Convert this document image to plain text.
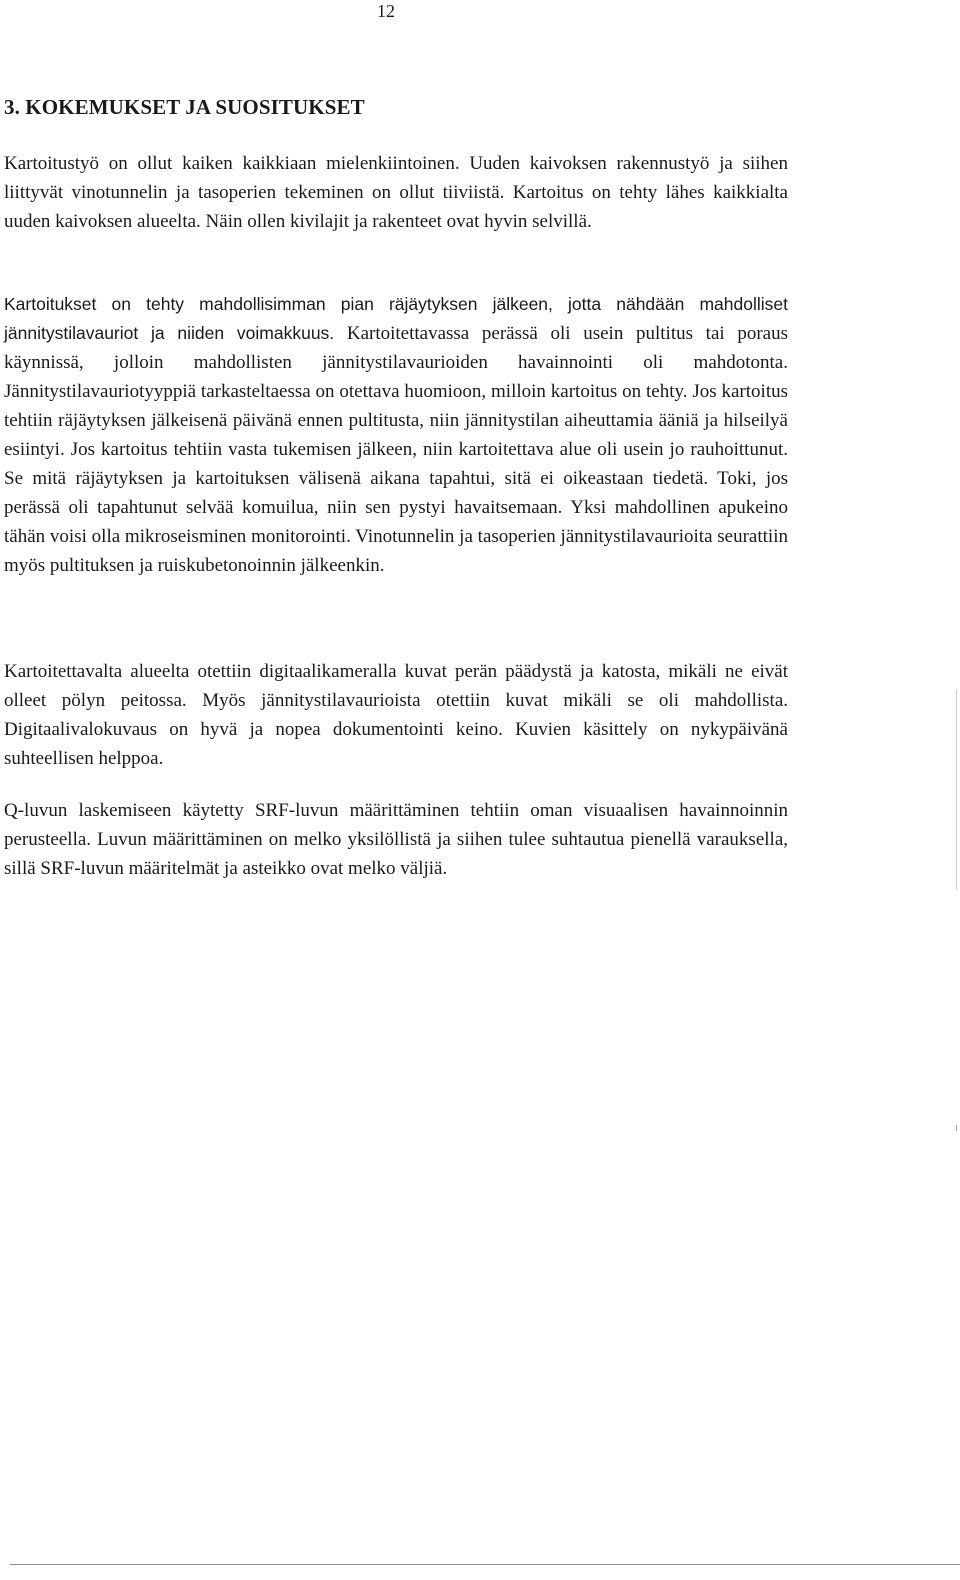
12
3. KOKEMUKSET JA SUOSITUKSET

Kartoitustyö on ollut kaiken kaikkiaan mielenkiintoinen. Uuden kaivoksen rakennustyö ja siihen liittyvät vinotunnelin ja tasoperien tekeminen on ollut tiiviistä. Kartoitus on tehty lähes kaikkialta uuden kaivoksen alueelta. Näin ollen kivilajit ja rakenteet ovat hyvin selvillä.

Kartoitukset on tehty mahdollisimman pian räjäytyksen jälkeen, jotta nähdään mahdolliset jännitystilavauriot ja niiden voimakkuus. Kartoitettavassa perässä oli usein pultitus tai poraus käynnissä, jolloin mahdollisten jännitystilavaurioiden havainnointi oli mahdotonta. Jännitystilavauriotyyppiä tarkasteltaessa on otettava huomioon, milloin kartoitus on tehty. Jos kartoitus tehtiin räjäytyksen jälkeisenä päivänä ennen pultitusta, niin jännitystilan aiheuttamia ääniä ja hilseilyä esiintyi. Jos kartoitus tehtiin vasta tukemisen jälkeen, niin kartoitettava alue oli usein jo rauhoittunut. Se mitä räjäytyksen ja kartoituksen välisenä aikana tapahtui, sitä ei oikeastaan tiedetä. Toki, jos perässä oli tapahtunut selvää komuilua, niin sen pystyi havaitsemaan. Yksi mahdollinen apukeino tähän voisi olla mikroseisminen monitorointi. Vinotunnelin ja tasoperien jännitystilavaurioita seurattiin myös pultituksen ja ruiskubetonoinnin jälkeenkin.

Kartoitettavalta alueelta otettiin digitaalikameralla kuvat perän päädystä ja katosta, mikäli ne eivät olleet pölyn peitossa. Myös jännitystilavaurioista otettiin kuvat mikäli se oli mahdollista. Digitaalivalokuvaus on hyvä ja nopea dokumentointi keino. Kuvien käsittely on nykypäivänä suhteellisen helppoa.

Q-luvun laskemiseen käytetty SRF-luvun määrittäminen tehtiin oman visuaalisen havainnoinnin perusteella. Luvun määrittäminen on melko yksilöllistä ja siihen tulee suhtautua pienellä varauksella, sillä SRF-luvun määritelmät ja asteikko ovat melko väljiä.
